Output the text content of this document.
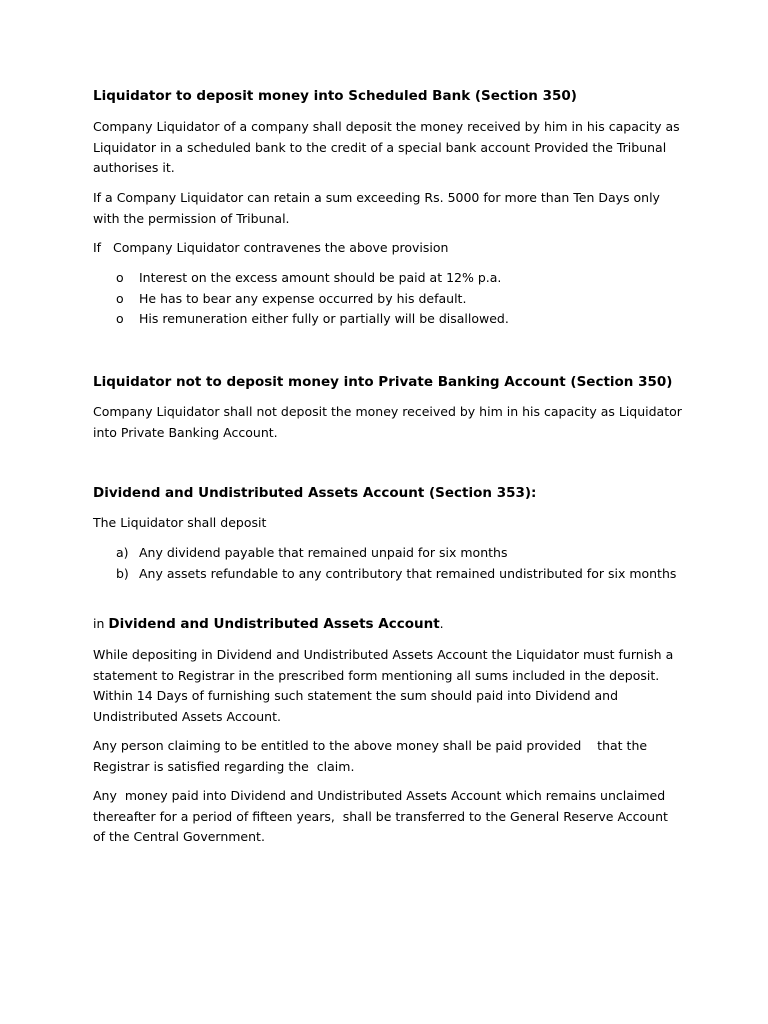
Liquidator to deposit money into Scheduled Bank (Section 350)

Company Liquidator of a company shall deposit the money received by him in his capacity as Liquidator in a scheduled bank to the credit of a special bank account Provided the Tribunal authorises it.

If a Company Liquidator can retain a sum exceeding Rs. 5000 for more than Ten Days only with the permission of Tribunal.

If   Company Liquidator contravenes the above provision

o Interest on the excess amount should be paid at 12% p.a.
o He has to bear any expense occurred by his default.
o His remuneration either fully or partially will be disallowed.
Liquidator not to deposit money into Private Banking Account (Section 350)

Company Liquidator shall not deposit the money received by him in his capacity as Liquidator into Private Banking Account.

Dividend and Undistributed Assets Account (Section 353):

The Liquidator shall deposit

a) Any dividend payable that remained unpaid for six months
b) Any assets refundable to any contributory that remained undistributed for six months

in Dividend and Undistributed Assets Account.

While depositing in Dividend and Undistributed Assets Account the Liquidator must furnish a statement to Registrar in the prescribed form mentioning all sums included in the deposit. Within 14 Days of furnishing such statement the sum should paid into Dividend and Undistributed Assets Account.

Any person claiming to be entitled to the above money shall be paid provided    that the Registrar is satisfied regarding the  claim.

Any  money paid into Dividend and Undistributed Assets Account which remains unclaimed thereafter for a period of fifteen years,  shall be transferred to the General Reserve Account of the Central Government.
